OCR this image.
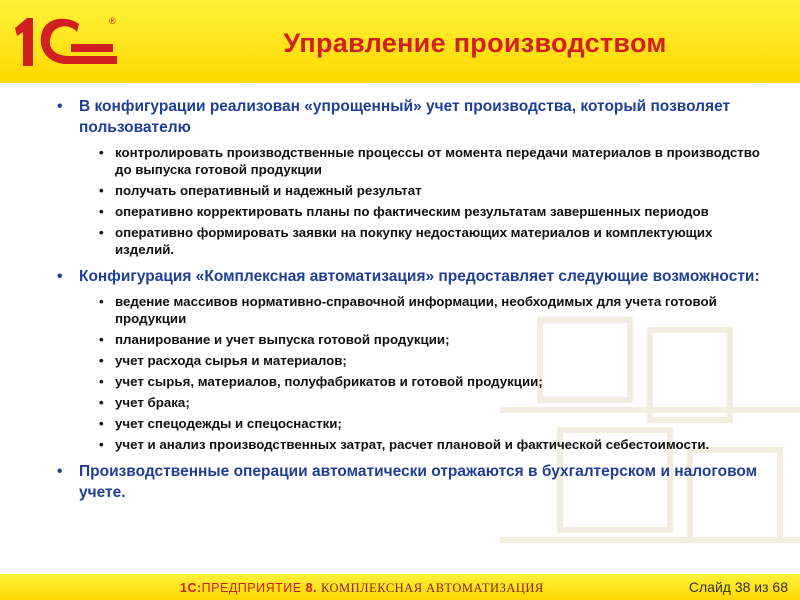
®
1С
Управление производством
• В конфигурации реализован «упрощенный» учет производства, который позволяет пользователю
• контролировать производственные процессы от момента передачи материалов в производство до выпуска готовой продукции
• получать оперативный и надежный результат
• оперативно корректировать планы по фактическим результатам завершенных периодов
• оперативно формировать заявки на покупку недостающих материалов и комплектующих изделий.
• Конфигурация «Комплексная автоматизация» предоставляет следующие возможности:
• ведение массивов нормативно-справочной информации, необходимых для учета готовой продукции
• планирование и учет выпуска готовой продукции;
• учет расхода сырья и материалов;
• учет сырья, материалов, полуфабрикатов и готовой продукции;
• учет брака;
• учет спецодежды и спецоснастки;
• учет и анализ производственных затрат, расчет плановой и фактической себестоимости.
• Производственные операции автоматически отражаются в бухгалтерском и налоговом учете.
1С:ПРЕДПРИЯТИЕ 8. КОМПЛЕКСНАЯ АВТОМАТИЗАЦИЯ	Слайд 38 из 68
